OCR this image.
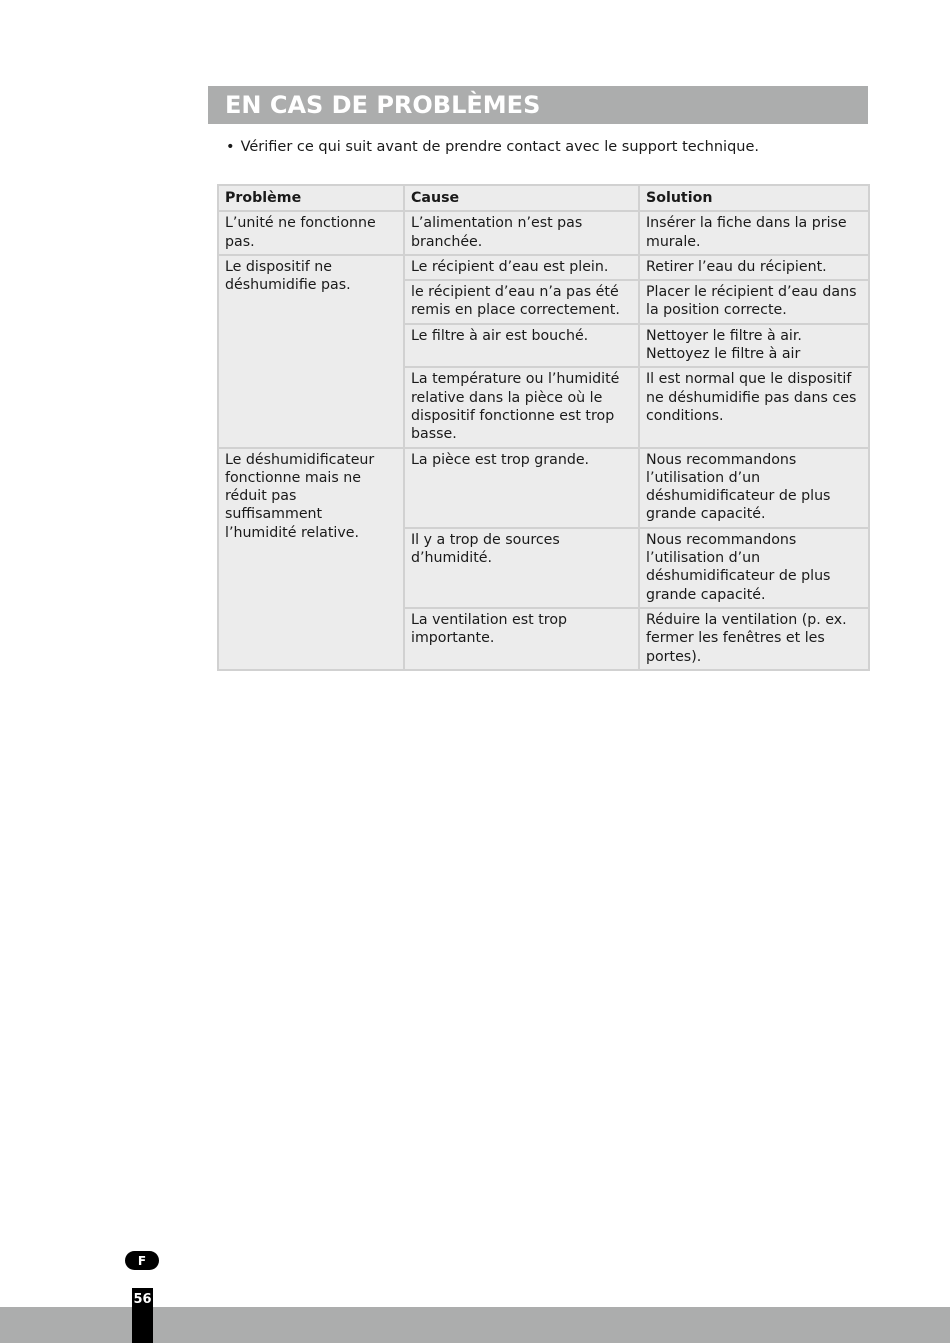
EN CAS DE PROBLÈMES

• Vérifier ce qui suit avant de prendre contact avec le support technique.

Problème	Cause	Solution
L’unité ne fonctionne pas.	L’alimentation n’est pas branchée.	Insérer la fiche dans la prise murale.
Le dispositif ne déshumidifie pas.	Le récipient d’eau est plein.	Retirer l’eau du récipient.
	le récipient d’eau n’a pas été remis en place correctement.	Placer le récipient d’eau dans la position correcte.
	Le filtre à air est bouché.	Nettoyer le filtre à air. Nettoyez le filtre à air
	La température ou l’humidité relative dans la pièce où le dispositif fonctionne est trop basse.	Il est normal que le dispositif ne déshumidifie pas dans ces conditions.
Le déshumidificateur fonctionne mais ne réduit pas suffisamment l’humidité relative.	La pièce est trop grande.	Nous recommandons l’utilisation d’un déshumidificateur de plus grande capacité.
	Il y a trop de sources d’humidité.	Nous recommandons l’utilisation d’un déshumidificateur de plus grande capacité.
	La ventilation est trop importante.	Réduire la ventilation (p. ex. fermer les fenêtres et les portes).
F
56
